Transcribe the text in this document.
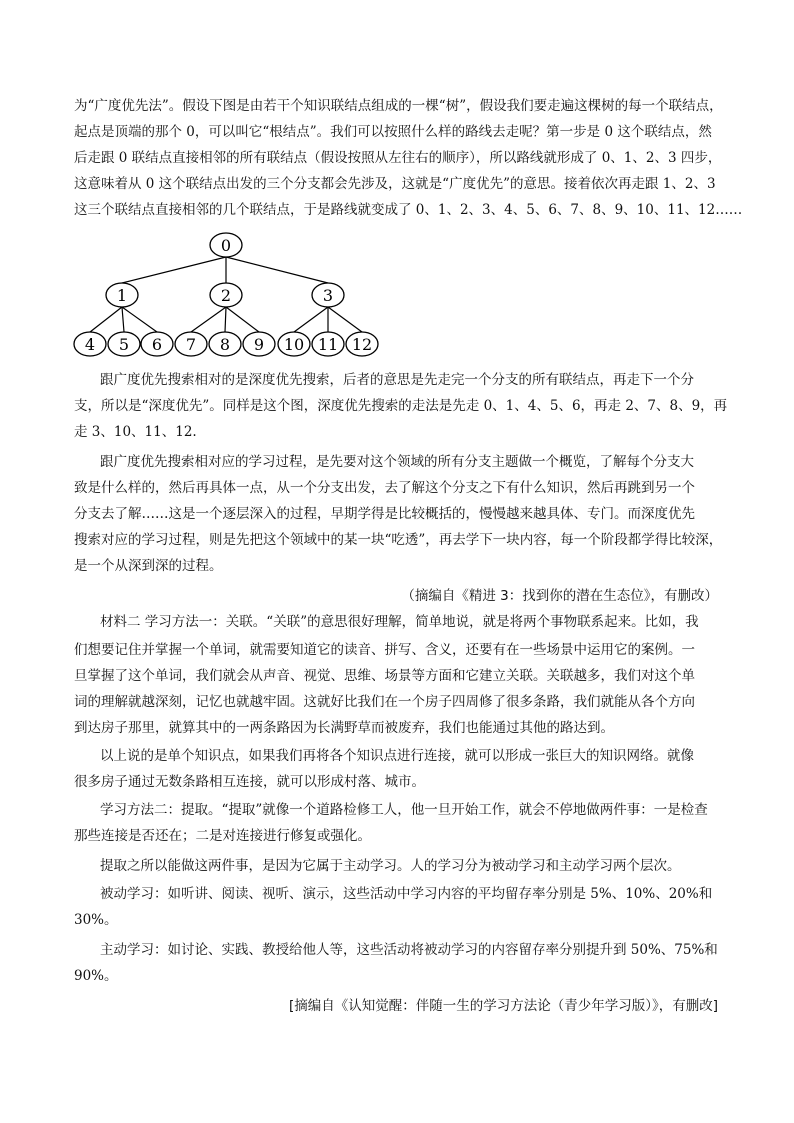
为“广度优先法”。假设下图是由若干个知识联结点组成的一棵“树”，假设我们要走遍这棵树的每一个联结点，
起点是顶端的那个 0，可以叫它“根结点”。我们可以按照什么样的路线去走呢？第一步是 0 这个联结点，然
后走跟 0 联结点直接相邻的所有联结点（假设按照从左往右的顺序），所以路线就形成了 0、1、2、3 四步，
这意味着从 0 这个联结点出发的三个分支都会先涉及，这就是“广度优先”的意思。接着依次再走跟 1、2、3
这三个联结点直接相邻的几个联结点，于是路线就变成了 0、1、2、3、4、5、6、7、8、9、10、11、12……
0
1	2	3
4 5 6 7 8 9 10 11 12
跟广度优先搜索相对的是深度优先搜索，后者的意思是先走完一个分支的所有联结点，再走下一个分
支，所以是“深度优先”。同样是这个图，深度优先搜索的走法是先走 0、1、4、5、6，再走 2、7、8、9，再
走 3、10、11、12.
跟广度优先搜索相对应的学习过程，是先要对这个领域的所有分支主题做一个概览，了解每个分支大
致是什么样的，然后再具体一点，从一个分支出发，去了解这个分支之下有什么知识，然后再跳到另一个
分支去了解……这是一个逐层深入的过程，早期学得是比较概括的，慢慢越来越具体、专门。而深度优先
搜索对应的学习过程，则是先把这个领域中的某一块“吃透”，再去学下一块内容，每一个阶段都学得比较深，
是一个从深到深的过程。
（摘编自《精进 3：找到你的潜在生态位》，有删改）
材料二 学习方法一：关联。“关联”的意思很好理解，简单地说，就是将两个事物联系起来。比如，我
们想要记住并掌握一个单词，就需要知道它的读音、拼写、含义，还要有在一些场景中运用它的案例。一
旦掌握了这个单词，我们就会从声音、视觉、思维、场景等方面和它建立关联。关联越多，我们对这个单
词的理解就越深刻，记忆也就越牢固。这就好比我们在一个房子四周修了很多条路，我们就能从各个方向
到达房子那里，就算其中的一两条路因为长满野草而被废弃，我们也能通过其他的路达到。
以上说的是单个知识点，如果我们再将各个知识点进行连接，就可以形成一张巨大的知识网络。就像
很多房子通过无数条路相互连接，就可以形成村落、城市。
学习方法二：提取。“提取”就像一个道路检修工人，他一旦开始工作，就会不停地做两件事：一是检查
那些连接是否还在；二是对连接进行修复或强化。
提取之所以能做这两件事，是因为它属于主动学习。人的学习分为被动学习和主动学习两个层次。
被动学习：如听讲、阅读、视听、演示，这些活动中学习内容的平均留存率分别是 5%、10%、20%和
30%。
主动学习：如讨论、实践、教授给他人等，这些活动将被动学习的内容留存率分别提升到 50%、75%和
90%。
[摘编自《认知觉醒：伴随一生的学习方法论（青少年学习版）》，有删改]
